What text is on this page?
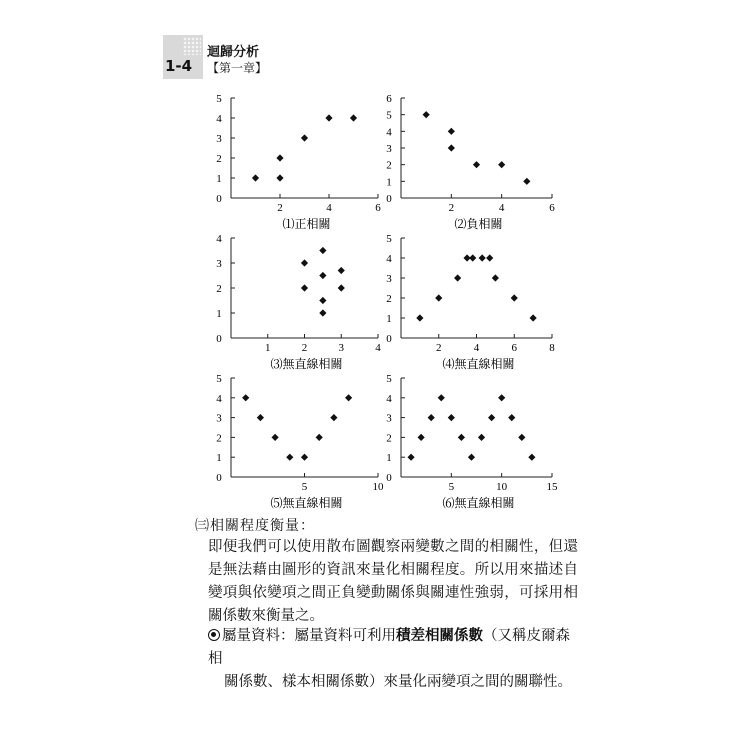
1-4
迴歸分析
【第一章】
0
1
2
3
4
5
2	4	6
⑴正相關
0
1
2
3
4
5
6
2	4	6
⑵負相關
0
1
2
3
4
1	2	3	4
⑶無直線相關
0
1
2
3
4
5
2	4	6	8
⑷無直線相關
0
1
2
3
4
5
5	10
⑸無直線相關
0
1
2
3
4
5
5	10	15
⑹無直線相關
㈢相關程度衡量：
即便我們可以使用散布圖觀察兩變數之間的相關性，但還是無法藉由圖形的資訊來量化相關程度。所以用來描述自變項與依變項之間正負變動關係與關連性強弱，可採用相關係數來衡量之。
屬量資料：屬量資料可利用積差相關係數（又稱皮爾森相
關係數、樣本相關係數）來量化兩變項之間的關聯性。
